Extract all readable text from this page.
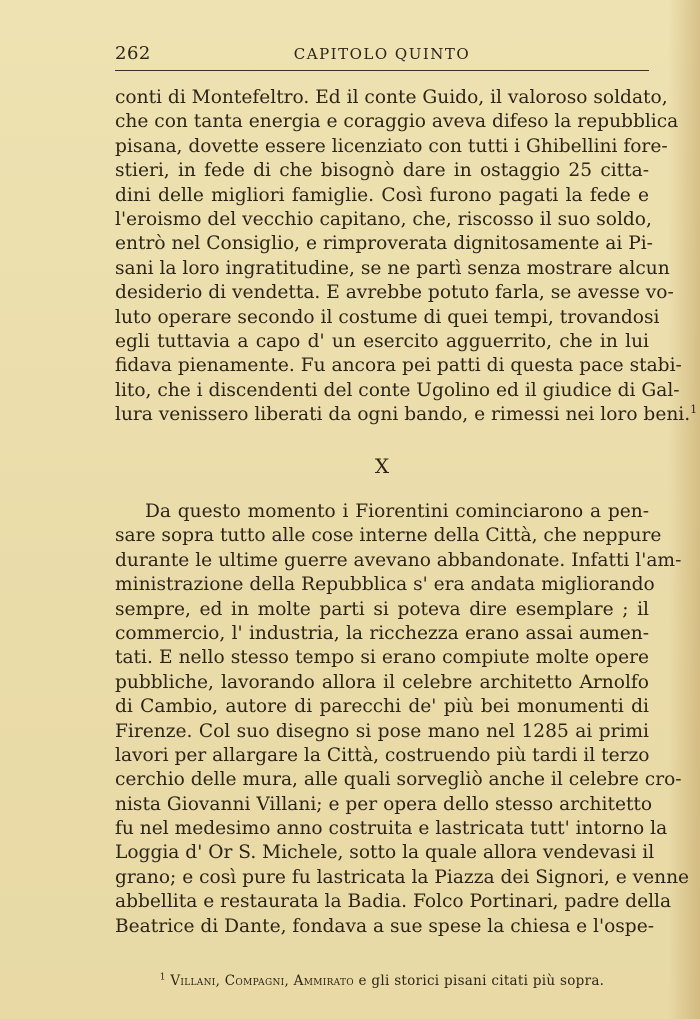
262	CAPITOLO QUINTO
conti di Montefeltro. Ed il conte Guido, il valoroso soldato,
che con tanta energia e coraggio aveva difeso la repubblica
pisana, dovette essere licenziato con tutti i Ghibellini fore-
stieri, in fede di che bisognò dare in ostaggio 25 citta-
dini delle migliori famiglie. Così furono pagati la fede e
l'eroismo del vecchio capitano, che, riscosso il suo soldo,
entrò nel Consiglio, e rimproverata dignitosamente ai Pi-
sani la loro ingratitudine, se ne partì senza mostrare alcun
desiderio di vendetta. E avrebbe potuto farla, se avesse vo-
luto operare secondo il costume di quei tempi, trovandosi
egli tuttavia a capo d' un esercito agguerrito, che in lui
fidava pienamente. Fu ancora pei patti di questa pace stabi-
lito, che i discendenti del conte Ugolino ed il giudice di Gal-
lura venissero liberati da ogni bando, e rimessi nei loro beni.$^1$
X
Da questo momento i Fiorentini cominciarono a pen-
sare sopra tutto alle cose interne della Città, che neppure
durante le ultime guerre avevano abbandonate. Infatti l'am-
ministrazione della Repubblica s' era andata migliorando
sempre, ed in molte parti si poteva dire esemplare ; il
commercio, l' industria, la ricchezza erano assai aumen-
tati. E nello stesso tempo si erano compiute molte opere
pubbliche, lavorando allora il celebre architetto Arnolfo
di Cambio, autore di parecchi de' più bei monumenti di
Firenze. Col suo disegno si pose mano nel 1285 ai primi
lavori per allargare la Città, costruendo più tardi il terzo
cerchio delle mura, alle quali sorvegliò anche il celebre cro-
nista Giovanni Villani; e per opera dello stesso architetto
fu nel medesimo anno costruita e lastricata tutt' intorno la
Loggia d' Or S. Michele, sotto la quale allora vendevasi il
grano; e così pure fu lastricata la Piazza dei Signori, e venne
abbellita e restaurata la Badia. Folco Portinari, padre della
Beatrice di Dante, fondava a sue spese la chiesa e l'ospe-
$^1$ Villani, Compagni, Ammirato e gli storici pisani citati più sopra.
